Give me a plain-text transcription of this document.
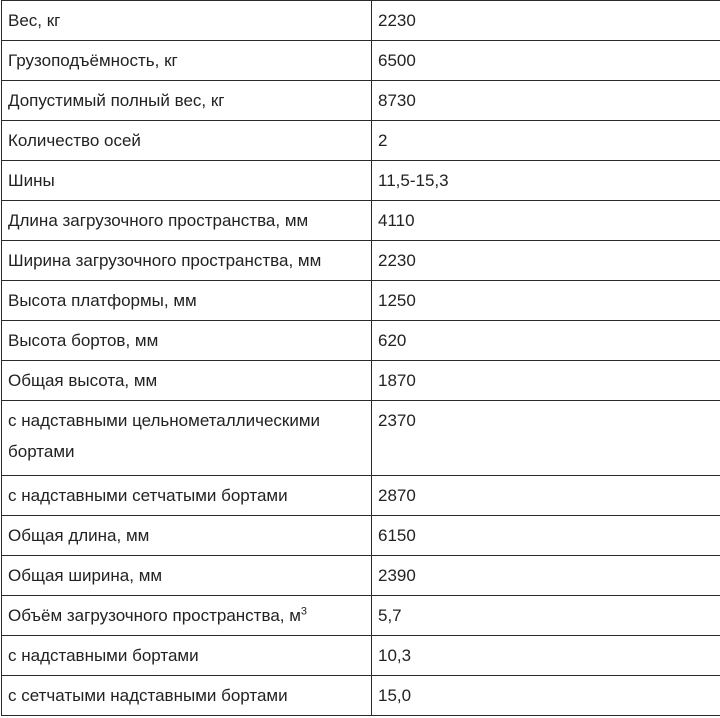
Вес, кг	2230
Грузоподъёмность, кг	6500
Допустимый полный вес, кг	8730
Количество осей	2
Шины	11,5-15,3
Длина загрузочного пространства, мм	4110
Ширина загрузочного пространства, мм	2230
Высота платформы, мм	1250
Высота бортов, мм	620
Общая высота, мм	1870
с надставными цельнометаллическими бортами	2370
с надставными сетчатыми бортами	2870
Общая длина, мм	6150
Общая ширина, мм	2390
Объём загрузочного пространства, $м^3$	5,7
с надставными бортами	10,3
с сетчатыми надставными бортами	15,0
